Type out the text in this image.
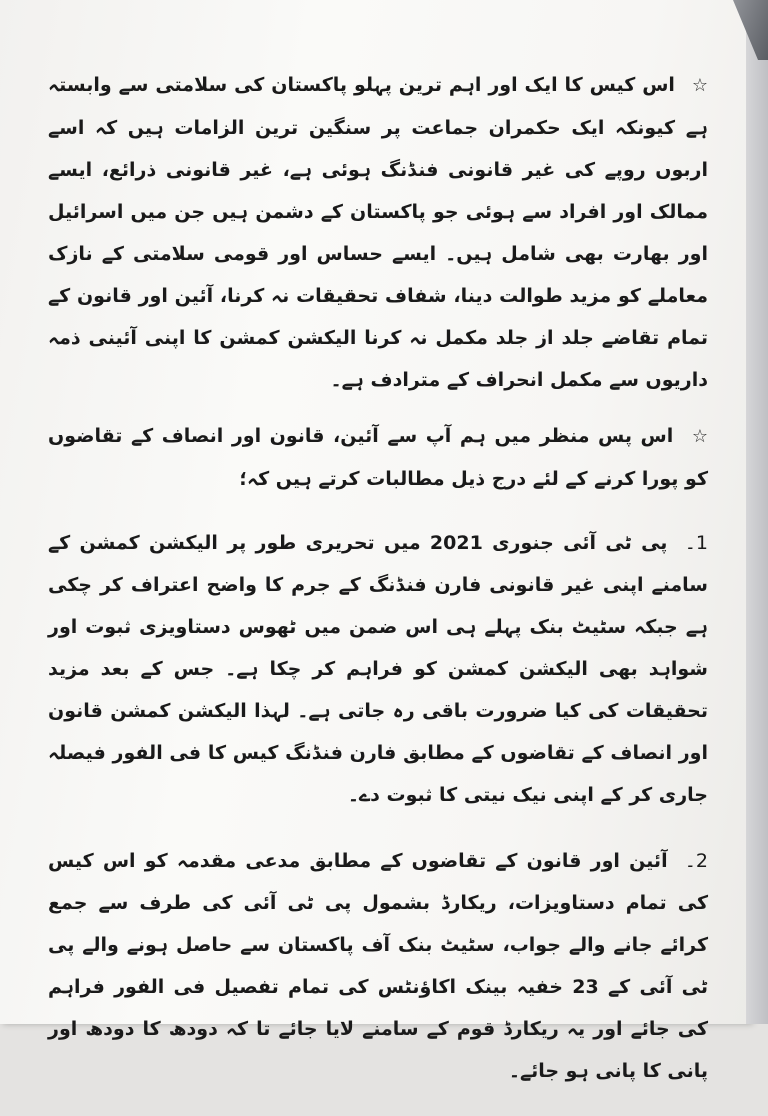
☆ اس کیس کا ایک اور اہم ترین پہلو پاکستان کی سلامتی سے وابستہ ہے کیونکہ ایک حکمران جماعت پر سنگین ترین الزامات ہیں کہ اسے اربوں روپے کی غیر قانونی فنڈنگ ہوئی ہے، غیر قانونی ذرائع، ایسے ممالک اور افراد سے ہوئی جو پاکستان کے دشمن ہیں جن میں اسرائیل اور بھارت بھی شامل ہیں۔ ایسے حساس اور قومی سلامتی کے نازک معاملے کو مزید طوالت دینا، شفاف تحقیقات نہ کرنا، آئین اور قانون کے تمام تقاضے جلد از جلد مکمل نہ کرنا الیکشن کمشن کا اپنی آئینی ذمہ داریوں سے مکمل انحراف کے مترادف ہے۔

☆ اس پس منظر میں ہم آپ سے آئین، قانون اور انصاف کے تقاضوں کو پورا کرنے کے لئے درج ذیل مطالبات کرتے ہیں کہ؛

1۔ پی ٹی آئی جنوری 2021 میں تحریری طور پر الیکشن کمشن کے سامنے اپنی غیر قانونی فارن فنڈنگ کے جرم کا واضح اعتراف کر چکی ہے جبکہ سٹیٹ بنک پہلے ہی اس ضمن میں ٹھوس دستاویزی ثبوت اور شواہد بھی الیکشن کمشن کو فراہم کر چکا ہے۔ جس کے بعد مزید تحقیقات کی کیا ضرورت باقی رہ جاتی ہے۔ لہذا الیکشن کمشن قانون اور انصاف کے تقاضوں کے مطابق فارن فنڈنگ کیس کا فی الفور فیصلہ جاری کر کے اپنی نیک نیتی کا ثبوت دے۔

2۔ آئین اور قانون کے تقاضوں کے مطابق مدعی مقدمہ کو اس کیس کی تمام دستاویزات، ریکارڈ بشمول پی ٹی آئی کی طرف سے جمع کرائے جانے والے جواب، سٹیٹ بنک آف پاکستان سے حاصل ہونے والے پی ٹی آئی کے 23 خفیہ بینک اکاؤنٹس کی تمام تفصیل فی الفور فراہم کی جائے اور یہ ریکارڈ قوم کے سامنے لایا جائے تا کہ دودھ کا دودھ اور پانی کا پانی ہو جائے۔
